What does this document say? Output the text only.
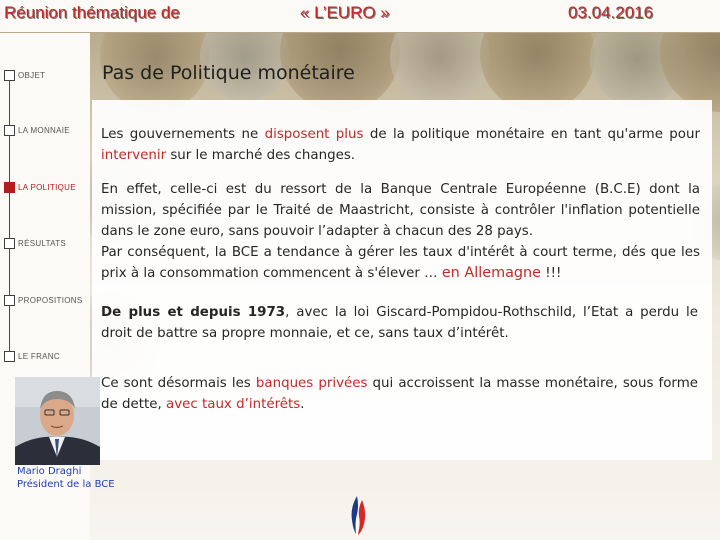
Réunion thématique de	« L’EURO »	03.04.2016
OBJET
LA MONNAIE
LA POLITIQUE
RÉSULTATS
PROPOSITIONS
LE FRANC
Pas de Politique monétaire
Les gouvernements ne disposent plus de la politique monétaire en tant qu'arme pour intervenir sur le marché des changes.
En effet, celle-ci est du ressort de la Banque Centrale Européenne (B.C.E) dont la mission, spécifiée par le Traité de Maastricht, consiste à contrôler l'inflation potentielle dans le zone euro, sans pouvoir l’adapter à chacun des 28 pays.
Par conséquent, la BCE a tendance à gérer les taux d'intérêt à court terme, dés que les prix à la consommation commencent à s'élever … en Allemagne !!!
De plus et depuis 1973, avec la loi Giscard-Pompidou-Rothschild, l’Etat a perdu le droit de battre sa propre monnaie, et ce, sans taux d’intérêt.
Ce sont désormais les banques privées qui accroissent la masse monétaire, sous forme de dette, avec taux d’intérêts.
Mario Draghi
Président de la BCE
